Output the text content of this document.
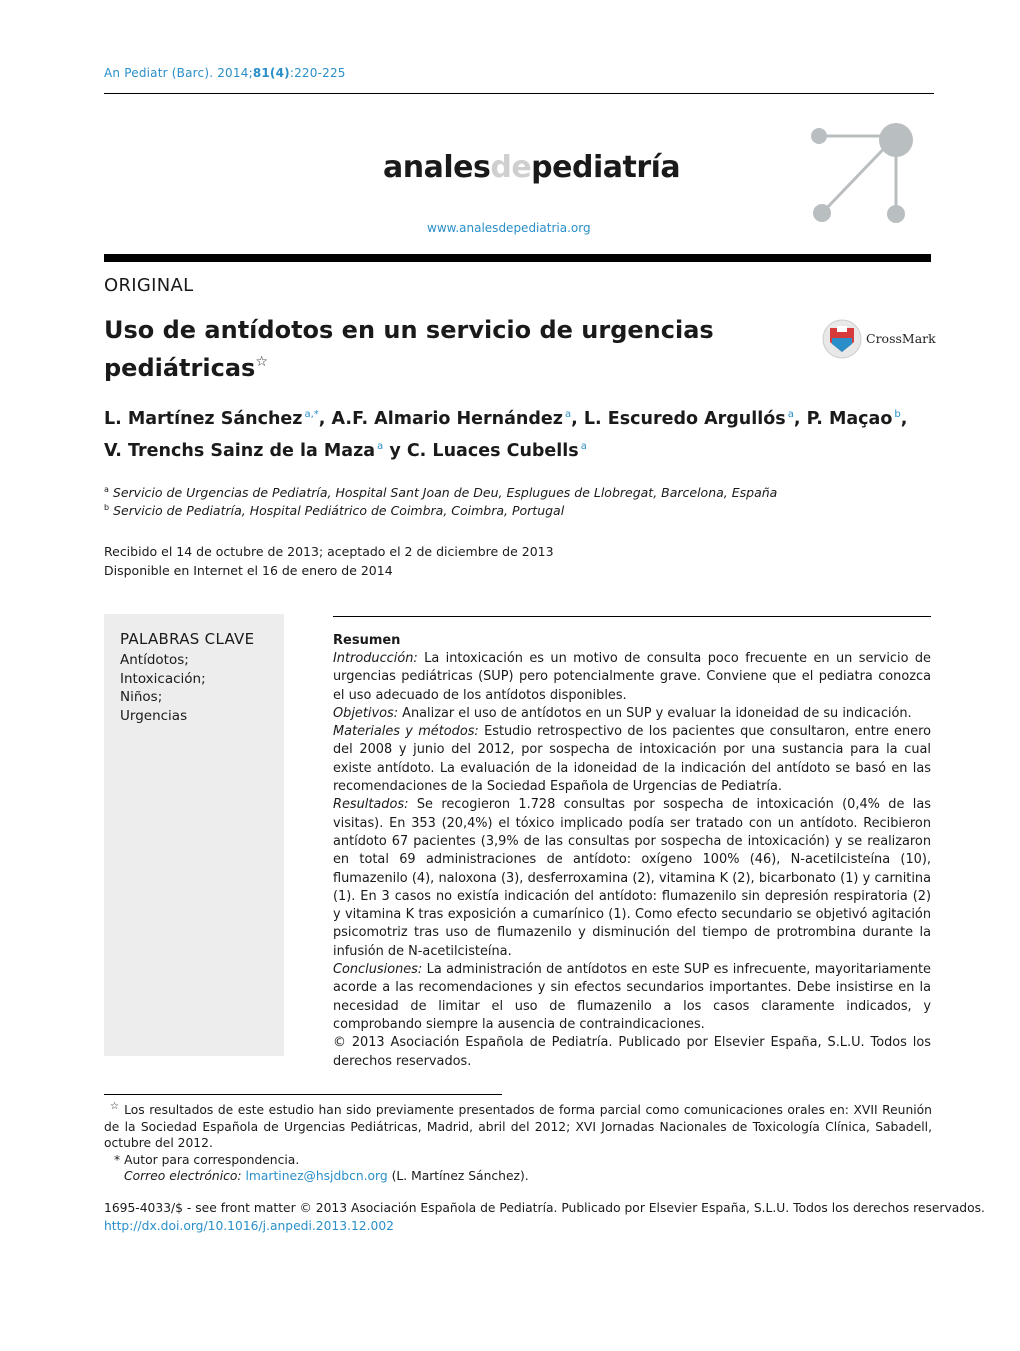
An Pediatr (Barc). 2014;81(4):220-225
analesdepediatría
www.analesdepediatria.org
ORIGINAL
Uso de antídotos en un servicio de urgencias
pediátricas☆
CrossMark
L. Martínez Sánchez $^{a,*}$, A.F. Almario Hernández $^a$, L. Escuredo Argullós $^a$, P. Maçao $^b$,
V. Trenchs Sainz de la Maza $^a$ y C. Luaces Cubells $^a$
$^a$ Servicio de Urgencias de Pediatría, Hospital Sant Joan de Deu, Esplugues de Llobregat, Barcelona, España
$^b$ Servicio de Pediatría, Hospital Pediátrico de Coimbra, Coimbra, Portugal
Recibido el 14 de octubre de 2013; aceptado el 2 de diciembre de 2013
Disponible en Internet el 16 de enero de 2014
PALABRAS CLAVE
Antídotos;
Intoxicación;
Niños;
Urgencias
Resumen

Introducción: La intoxicación es un motivo de consulta poco frecuente en un servicio de urgencias pediátricas (SUP) pero potencialmente grave. Conviene que el pediatra conozca el uso adecuado de los antídotos disponibles.

Objetivos: Analizar el uso de antídotos en un SUP y evaluar la idoneidad de su indicación.

Materiales y métodos: Estudio retrospectivo de los pacientes que consultaron, entre enero del 2008 y junio del 2012, por sospecha de intoxicación por una sustancia para la cual existe antídoto. La evaluación de la idoneidad de la indicación del antídoto se basó en las recomendaciones de la Sociedad Española de Urgencias de Pediatría.

Resultados: Se recogieron 1.728 consultas por sospecha de intoxicación (0,4% de las visitas). En 353 (20,4%) el tóxico implicado podía ser tratado con un antídoto. Recibieron antídoto 67 pacientes (3,9% de las consultas por sospecha de intoxicación) y se realizaron en total 69 administraciones de antídoto: oxígeno 100% (46), N-acetilcisteína (10), flumazenilo (4), naloxona (3), desferroxamina (2), vitamina K (2), bicarbonato (1) y carnitina (1). En 3 casos no existía indicación del antídoto: flumazenilo sin depresión respiratoria (2) y vitamina K tras exposición a cumarínico (1). Como efecto secundario se objetivó agitación psicomotriz tras uso de flumazenilo y disminución del tiempo de protrombina durante la infusión de N-acetilcisteína.

Conclusiones: La administración de antídotos en este SUP es infrecuente, mayoritariamente acorde a las recomendaciones y sin efectos secundarios importantes. Debe insistirse en la necesidad de limitar el uso de flumazenilo a los casos claramente indicados, y comprobando siempre la ausencia de contraindicaciones.

© 2013 Asociación Española de Pediatría. Publicado por Elsevier España, S.L.U. Todos los derechos reservados.

☆ Los resultados de este estudio han sido previamente presentados de forma parcial como comunicaciones orales en: XVII Reunión de la Sociedad Española de Urgencias Pediátricas, Madrid, abril del 2012; XVI Jornadas Nacionales de Toxicología Clínica, Sabadell, octubre del 2012.

* Autor para correspondencia.

Correo electrónico: lmartinez@hsjdbcn.org (L. Martínez Sánchez).

1695-4033/$ - see front matter © 2013 Asociación Española de Pediatría. Publicado por Elsevier España, S.L.U. Todos los derechos reservados.
http://dx.doi.org/10.1016/j.anpedi.2013.12.002
